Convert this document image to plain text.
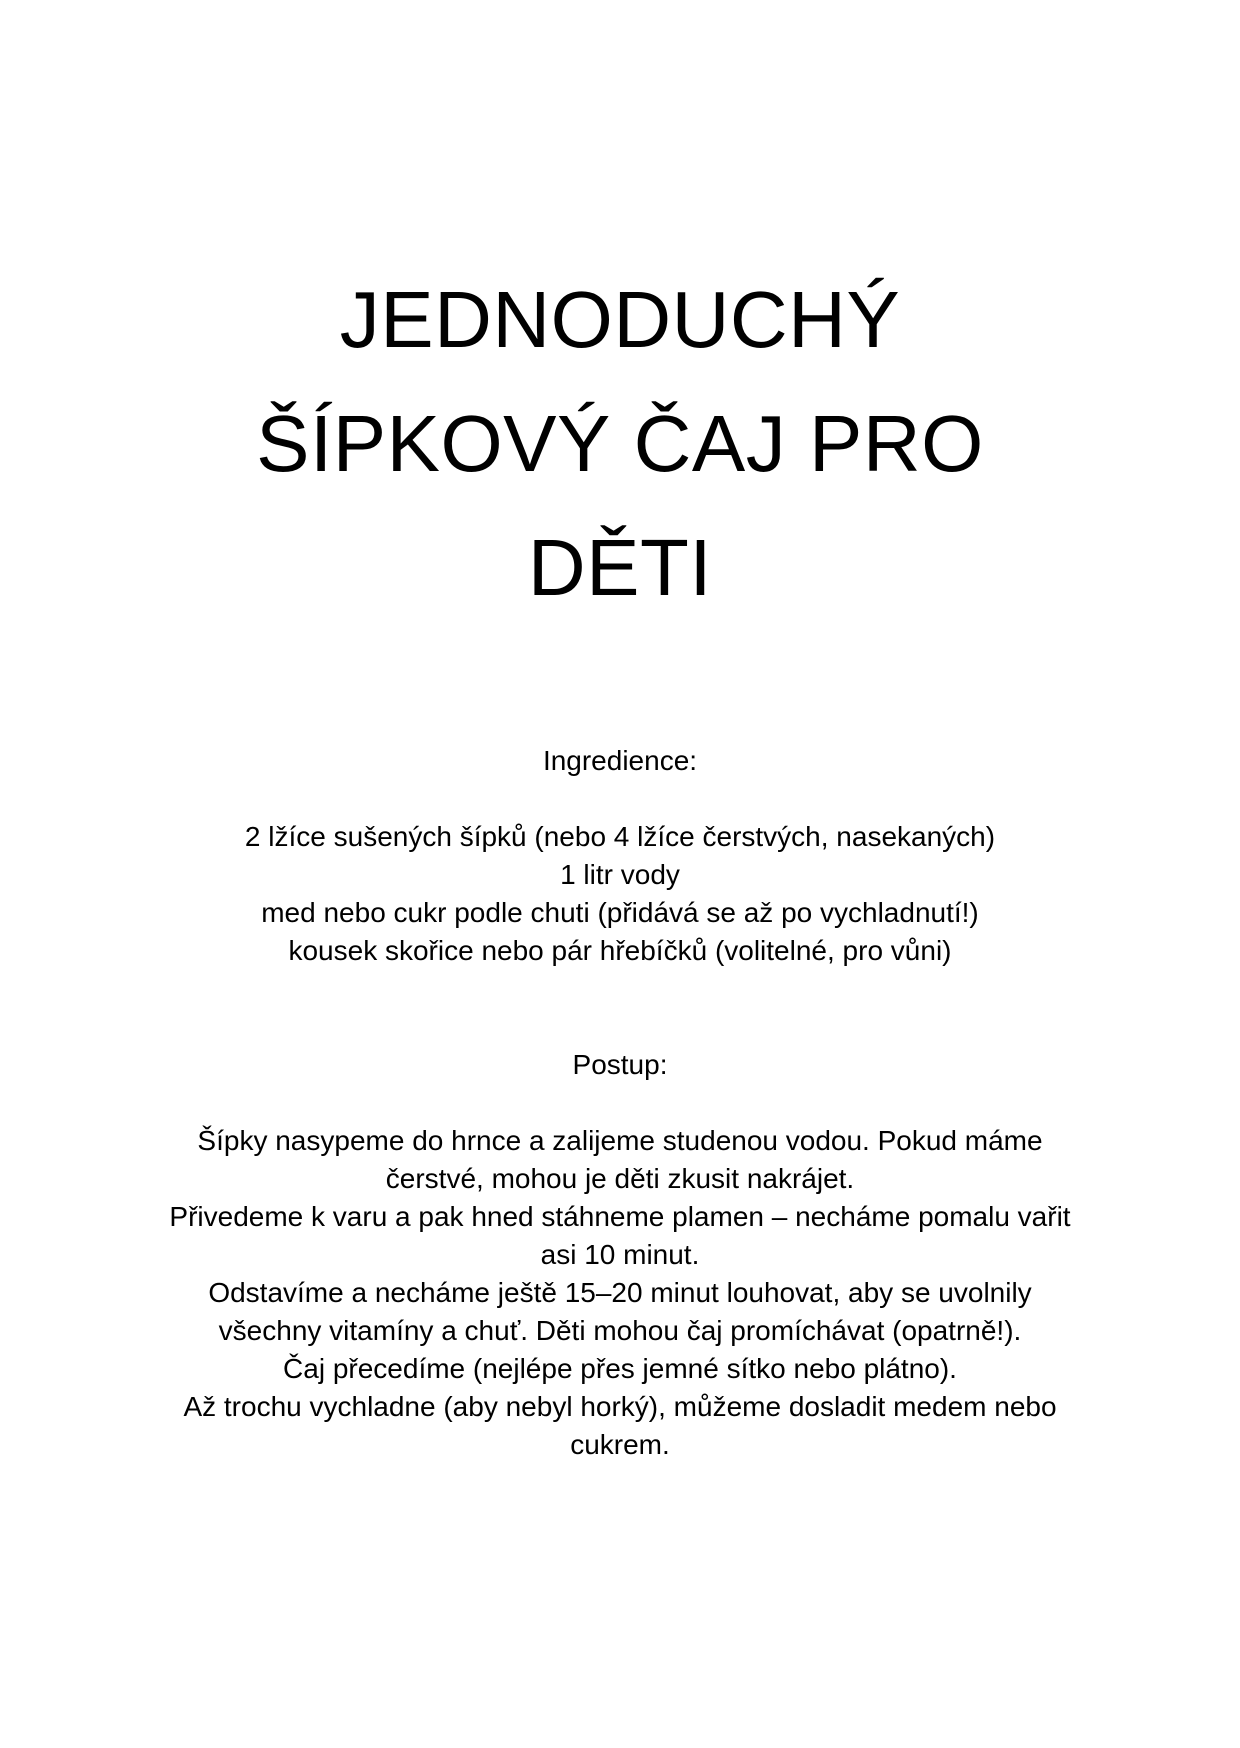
JEDNODUCHÝ
ŠÍPKOVÝ ČAJ PRO
DĚTI

Ingredience:

2 lžíce sušených šípků (nebo 4 lžíce čerstvých, nasekaných)
1 litr vody
med nebo cukr podle chuti (přidává se až po vychladnutí!)
kousek skořice nebo pár hřebíčků (volitelné, pro vůni)

Postup:

Šípky nasypeme do hrnce a zalijeme studenou vodou. Pokud máme čerstvé, mohou je děti zkusit nakrájet.
Přivedeme k varu a pak hned stáhneme plamen – necháme pomalu vařit asi 10 minut.
Odstavíme a necháme ještě 15–20 minut louhovat, aby se uvolnily všechny vitamíny a chuť. Děti mohou čaj promíchávat (opatrně!).
Čaj přecedíme (nejlépe přes jemné sítko nebo plátno).
Až trochu vychladne (aby nebyl horký), můžeme dosladit medem nebo cukrem.
